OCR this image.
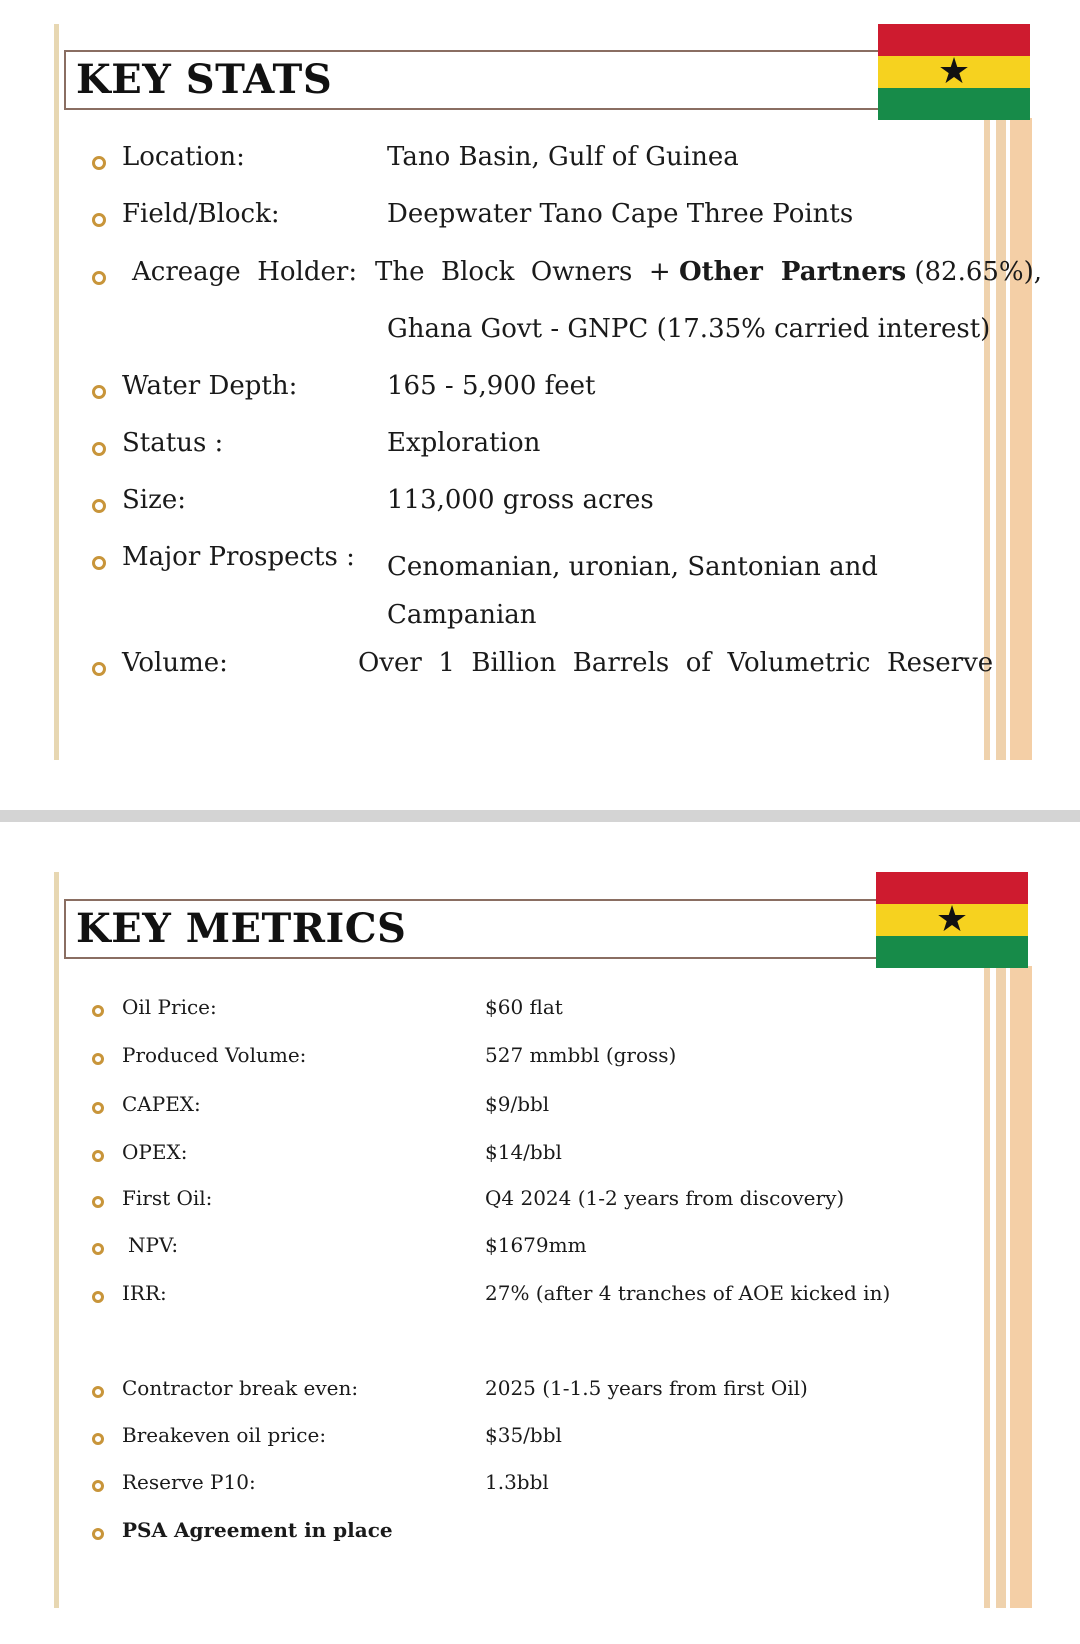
KEY STATS	★
Location:	Tano Basin, Gulf of Guinea
Field/Block:	Deepwater Tano Cape Three Points
Acreage  Holder: The  Block  Owners  + Other  Partners (82.65%),
Ghana Govt - GNPC (17.35% carried interest)
Water Depth:	165 - 5,900 feet
Status :	Exploration
Size:	113,000 gross acres
Major Prospects : Cenomanian, uronian, Santonian and
Campanian
Volume:	Over  1  Billion  Barrels  of  Volumetric  Reserve
KEY METRICS	★
Oil Price:	$60 flat
Produced Volume:	527 mmbbl (gross)
CAPEX:	$9/bbl
OPEX:	$14/bbl
First Oil:	Q4 2024 (1-2 years from discovery)
NPV:	$1679mm
IRR:	27% (after 4 tranches of AOE kicked in)
Contractor break even:	2025 (1-1.5 years from first Oil)
Breakeven oil price:	$35/bbl
Reserve P10:	1.3bbl
PSA Agreement in place
